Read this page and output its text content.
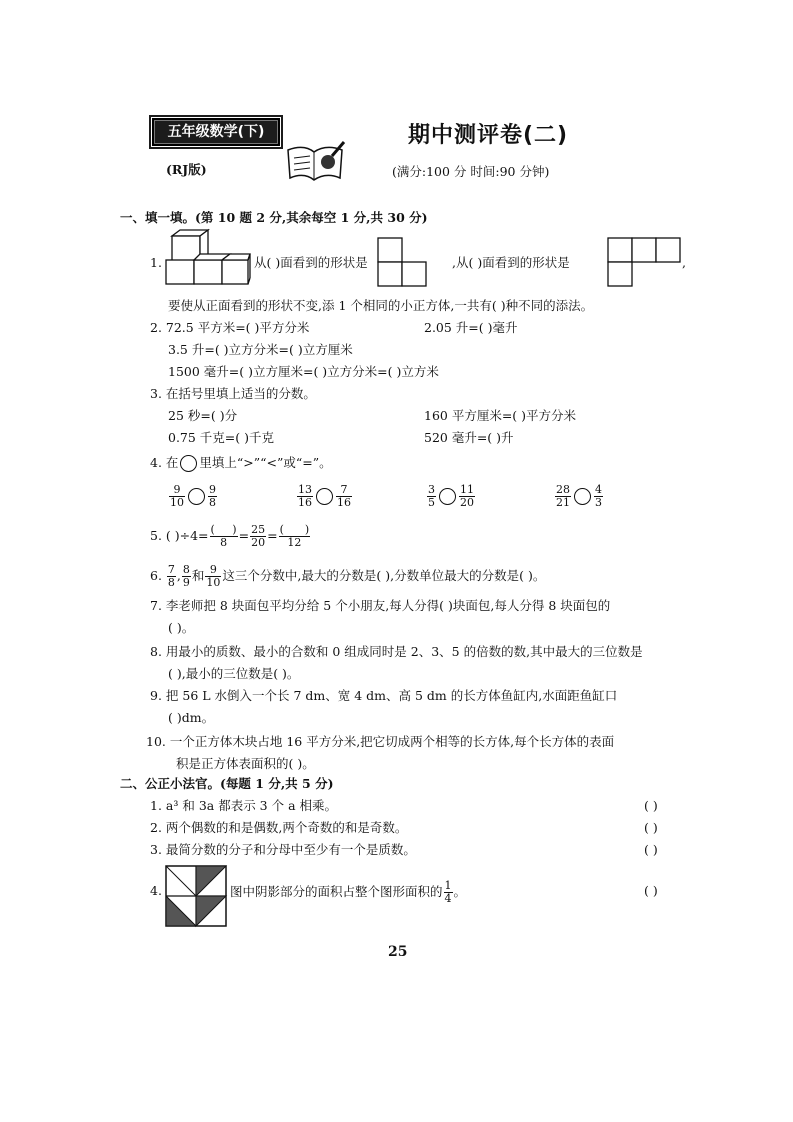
五年级数学(下)
(RJ版)
期中测评卷(二)
(满分:100 分 时间:90 分钟)
一、填一填。(第 10 题 2 分,其余每空 1 分,共 30 分)
1.	从( )面看到的形状是	,从( )面看到的形状是	,
要使从正面看到的形状不变,添 1 个相同的小正方体,一共有( )种不同的添法。
2. 72.5 平方米=( )平方分米	2.05 升=( )毫升
3.5 升=( )立方分米=( )立方厘米
1500 毫升=( )立方厘米=( )立方分米=( )立方米
3. 在括号里填上适当的分数。
25 秒=( )分	160 平方厘米=( )平方分米
0.75 千克=( )千克	520 毫升=( )升
4. 在 里填上“>”“<”或“=”。
$\frac{9}{10} \frac{9}{8}$	$\frac{13}{16} \frac{7}{16}$	$\frac{3}{5} \frac{11}{20}$	$\frac{28}{21} \frac{4}{3}$
5. ( )$\div 4= \frac{( )}{8} = \frac{25}{20} = \frac{( )}{12}$
6. $\frac{7}{8}$ , $\frac{8}{9}$ 和 $\frac{9}{10}$ 这三个分数中,最大的分数是( ),分数单位最大的分数是( )。
7. 李老师把 8 块面包平均分给 5 个小朋友,每人分得( )块面包,每人分得 8 块面包的
( )。
8. 用最小的质数、最小的合数和 0 组成同时是 2、3、5 的倍数的数,其中最大的三位数是
( ),最小的三位数是( )。
9. 把 56 L 水倒入一个长 7 dm、宽 4 dm、高 5 dm 的长方体鱼缸内,水面距鱼缸口
( )dm。
10. 一个正方体木块占地 16 平方分米,把它切成两个相等的长方体,每个长方体的表面
积是正方体表面积的( )。
二、公正小法官。(每题 1 分,共 5 分)
1. a³ 和 3a 都表示 3 个 a 相乘。	( )
2. 两个偶数的和是偶数,两个奇数的和是奇数。	( )
3. 最简分数的分子和分母中至少有一个是质数。	( )
4.	图中阴影部分的面积占整个图形面积的 $\frac{1}{4}$ 。	( )
25
